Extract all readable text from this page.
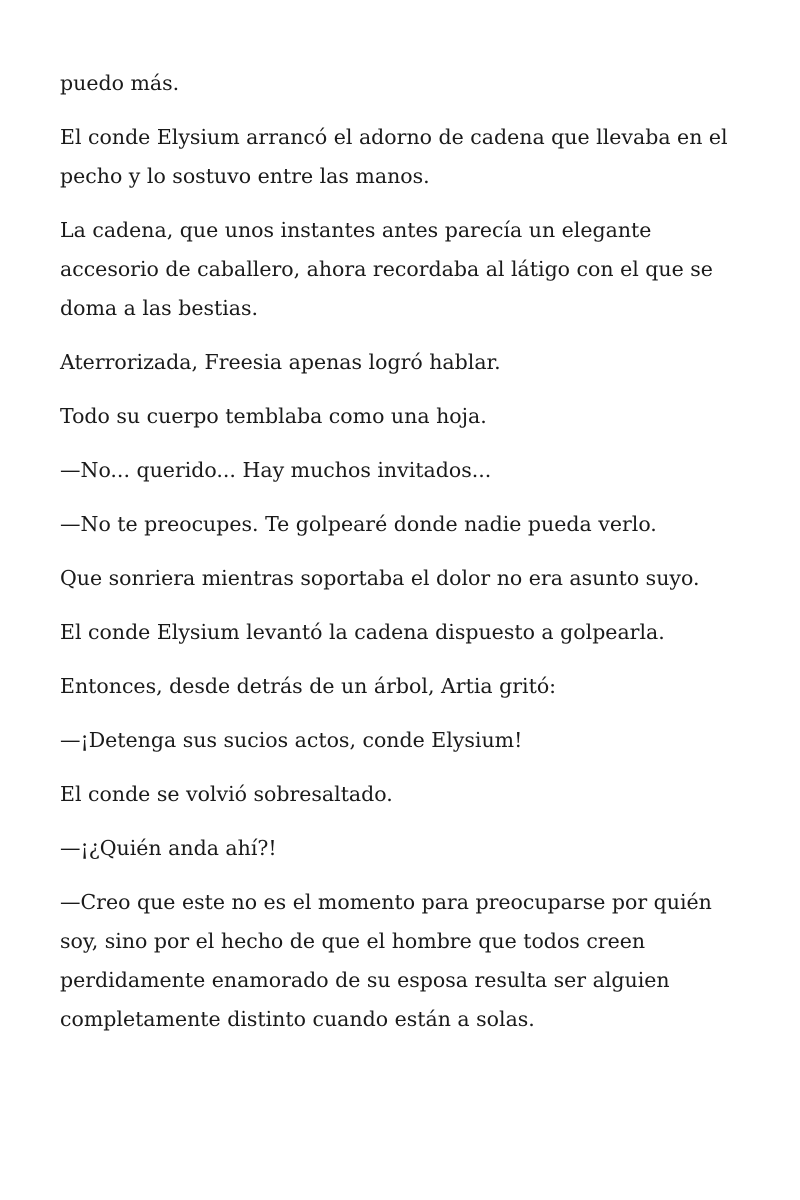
puedo más.

El conde Elysium arrancó el adorno de cadena que llevaba en el pecho y lo sostuvo entre las manos.

La cadena, que unos instantes antes parecía un elegante accesorio de caballero, ahora recordaba al látigo con el que se doma a las bestias.

Aterrorizada, Freesia apenas logró hablar.

Todo su cuerpo temblaba como una hoja.

—No... querido... Hay muchos invitados...

—No te preocupes. Te golpearé donde nadie pueda verlo.

Que sonriera mientras soportaba el dolor no era asunto suyo.

El conde Elysium levantó la cadena dispuesto a golpearla.

Entonces, desde detrás de un árbol, Artia gritó:

—¡Detenga sus sucios actos, conde Elysium!

El conde se volvió sobresaltado.

—¡¿Quién anda ahí?!

—Creo que este no es el momento para preocuparse por quién soy, sino por el hecho de que el hombre que todos creen perdidamente enamorado de su esposa resulta ser alguien completamente distinto cuando están a solas.
